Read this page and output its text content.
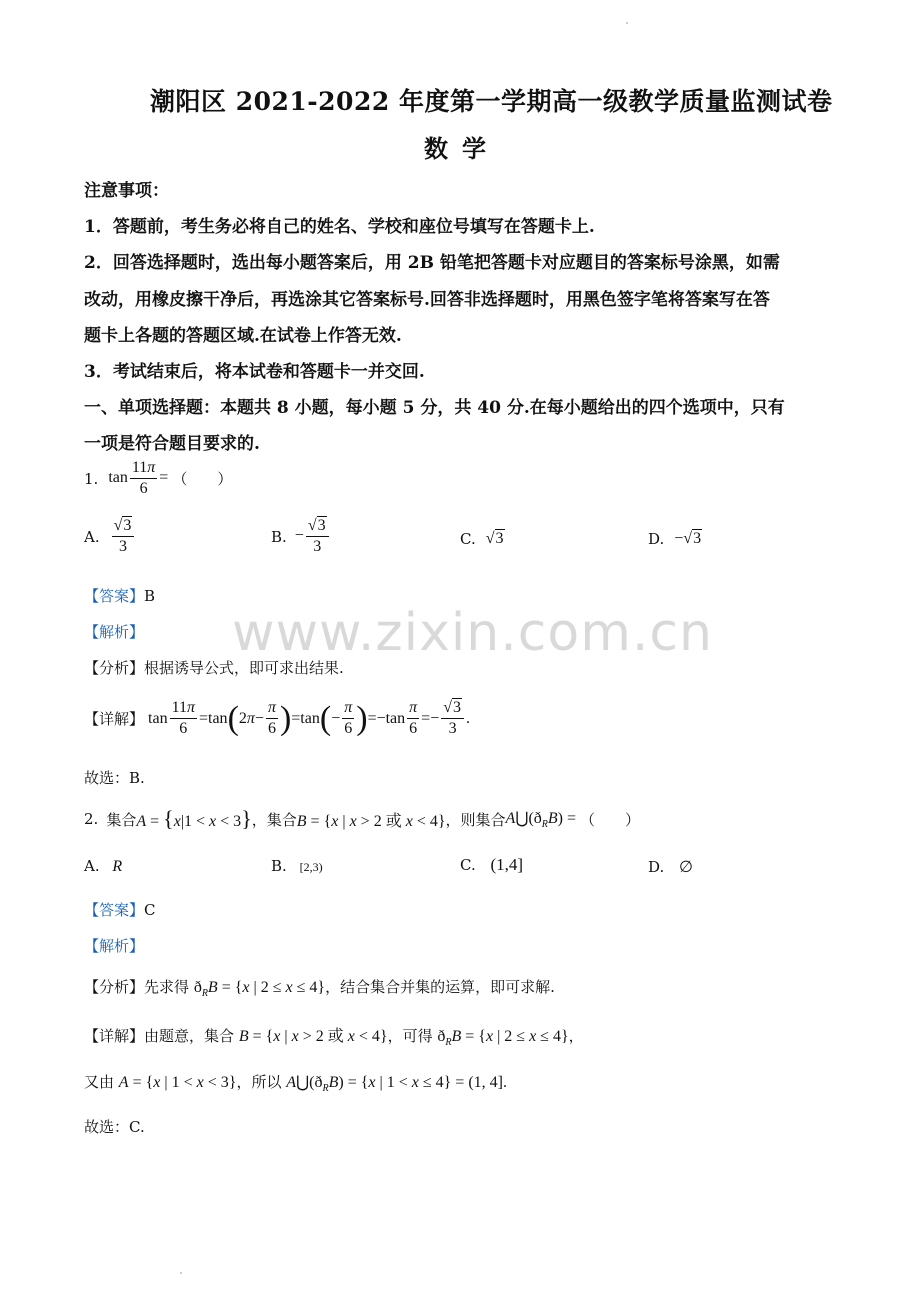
潮阳区 2021-2022 年度第一学期高一级教学质量监测试卷
数学
注意事项：
1．答题前，考生务必将自己的姓名、学校和座位号填写在答题卡上.
2．回答选择题时，选出每小题答案后，用 2B 铅笔把答题卡对应题目的答案标号涂黑，如需
改动，用橡皮擦干净后，再选涂其它答案标号.回答非选择题时，用黑色签字笔将答案写在答
题卡上各题的答题区域.在试卷上作答无效.
3．考试结束后，将本试卷和答题卡一并交回.
一、单项选择题：本题共 8 小题，每小题 5 分，共 40 分.在每小题给出的四个选项中，只有
一项是符合题目要求的.
1. $\tan \frac{11\pi}{6}$ = （　　）
A. $\frac{√3}{3}$	B. − $\frac{√3}{3}$	C. √3	D. −√3
【答案】B
【解析】
【分析】根据诱导公式，即可求出结果.
【详解】 $\tan \frac{11\pi}{6} =\tan$ ( 2 $\pi - \frac{\pi}{6}$ ) =tan ( − $\frac{\pi}{6}$ ) $=-\tan \frac{\pi}{6} =- \frac{√3}{3}$ .
故选：B.
2. 集合 A = {x|1 < x < 3} ，集合 B = {x | x > 2 或 x < 4} ，则集合 $A⋃(ð_RB)$ = （　　）
A. R	B. [2,3)	C. (1,4]	D. ∅
【答案】C
【解析】
【分析】先求得 $ð_RB = \{x$ | 2 ≤ x ≤ 4}，结合集合并集的运算，即可求解.
【详解】由题意，集合 B = {x | x > 2 或 x < 4}，可得 $ð_RB = \{x$ | 2 ≤ x ≤ 4}，
又由 A = {x | 1 < x < 3}，所以 $A⋃(ð_RB) = \{x$ | 1 < x ≤ 4} = (1, 4].
故选：C.
www.zixin.com.cn
